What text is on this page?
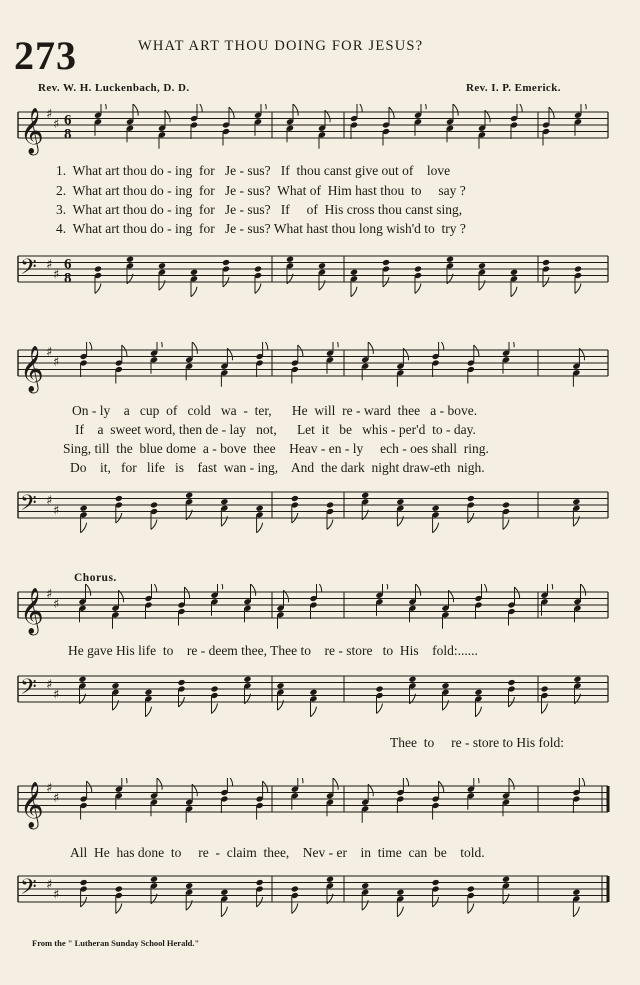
273	WHAT ART THOU DOING FOR JESUS?
Rev. W. H. Luckenbach, D. D.	Rev. I. P. Emerick.
𝄞 ♯
♯ 6
8
1.  What art thou do - ing  for   Je - sus?   If  thou canst give out of    love
2.  What art thou do - ing  for   Je - sus?  What of  Him hast thou  to     say ?
3.  What art thou do - ing  for   Je - sus?   If     of  His cross thou canst sing,
4.  What art thou do - ing  for   Je - sus? What hast thou long wish'd to  try ?
𝄢 ♯
♯
6
8
𝄞 ♯
♯
On - ly    a   cup  of   cold   wa  -  ter,      He  will  re - ward  thee   a - bove.
If    a  sweet word, then de - lay   not,      Let  it   be   whis - per'd  to - day.
Sing, till  the  blue dome  a - bove  thee    Heav - en - ly     ech - oes shall  ring.
Do    it,   for   life   is    fast  wan - ing,    And  the dark  night draw-eth  nigh.
𝄢 ♯
♯
Chorus.
𝄞 ♯
♯
He gave His life  to    re - deem thee, Thee to    re - store   to  His    fold:......
𝄢 ♯
♯
Thee  to     re - store to His fold:
𝄞 ♯
♯
All  He  has done  to     re  -  claim  thee,    Nev - er    in  time  can  be    told.
𝄢 ♯
♯
From the " Lutheran Sunday School Herald."
